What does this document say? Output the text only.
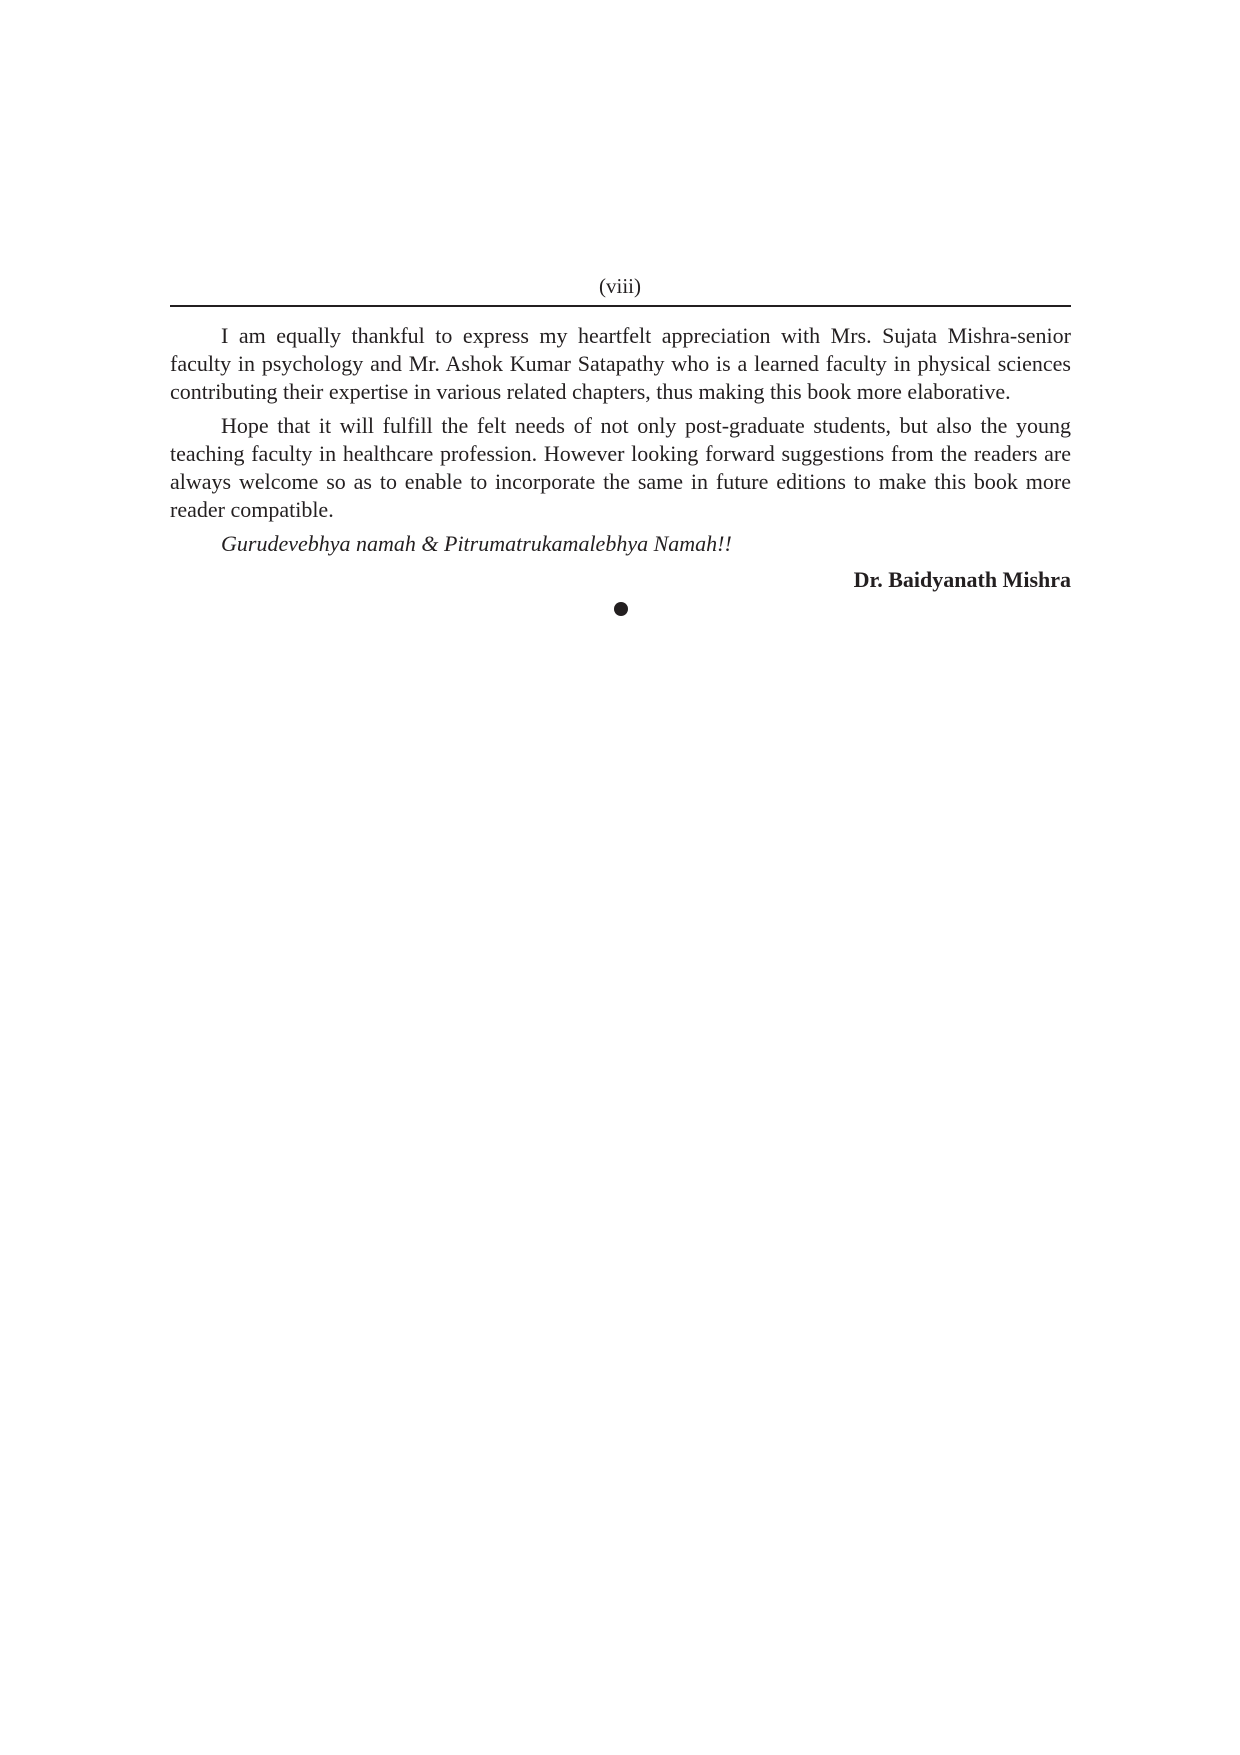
(viii)

I am equally thankful to express my heartfelt appreciation with Mrs. Sujata Mishra-senior faculty in psychology and Mr. Ashok Kumar Satapathy who is a learned faculty in physical sciences contributing their expertise in various related chapters, thus making this book more elaborative.

Hope that it will fulfill the felt needs of not only post-graduate students, but also the young teaching faculty in healthcare profession. However looking forward suggestions from the readers are always welcome so as to enable to incorporate the same in future editions to make this book more reader compatible.

Gurudevebhya namah & Pitrumatrukamalebhya Namah!!

Dr. Baidyanath Mishra
